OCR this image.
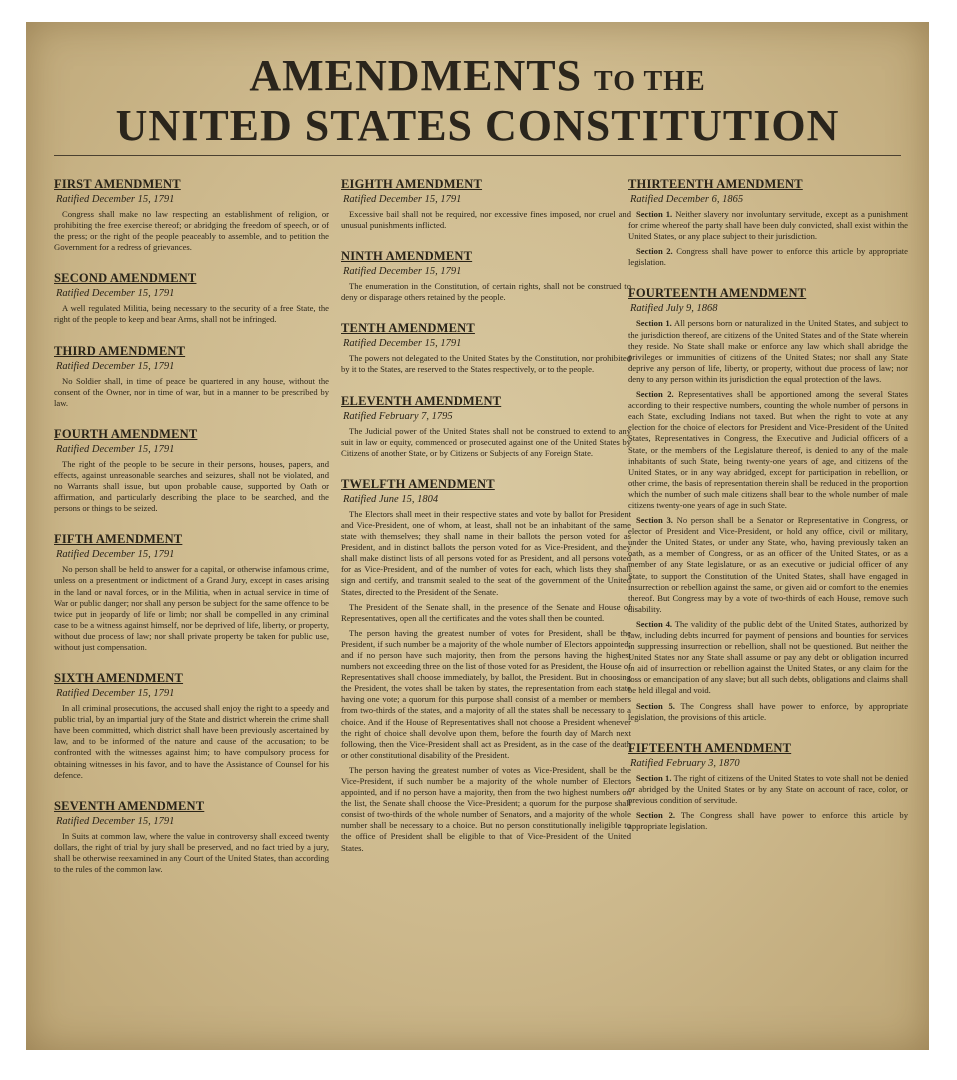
AMENDMENTS TO THE
UNITED STATES CONSTITUTION
FIRST AMENDMENT
Ratified December 15, 1791

Congress shall make no law respecting an establishment of religion, or prohibiting the free exercise thereof; or abridging the freedom of speech, or of the press; or the right of the people peaceably to assemble, and to petition the Government for a redress of grievances.

SECOND AMENDMENT
Ratified December 15, 1791

A well regulated Militia, being necessary to the security of a free State, the right of the people to keep and bear Arms, shall not be infringed.

THIRD AMENDMENT
Ratified December 15, 1791

No Soldier shall, in time of peace be quartered in any house, without the consent of the Owner, nor in time of war, but in a manner to be prescribed by law.

FOURTH AMENDMENT
Ratified December 15, 1791

The right of the people to be secure in their persons, houses, papers, and effects, against unreasonable searches and seizures, shall not be violated, and no Warrants shall issue, but upon probable cause, supported by Oath or affirmation, and particularly describing the place to be searched, and the persons or things to be seized.

FIFTH AMENDMENT
Ratified December 15, 1791

No person shall be held to answer for a capital, or otherwise infamous crime, unless on a presentment or indictment of a Grand Jury, except in cases arising in the land or naval forces, or in the Militia, when in actual service in time of War or public danger; nor shall any person be subject for the same offence to be twice put in jeopardy of life or limb; nor shall be compelled in any criminal case to be a witness against himself, nor be deprived of life, liberty, or property, without due process of law; nor shall private property be taken for public use, without just compensation.

SIXTH AMENDMENT
Ratified December 15, 1791

In all criminal prosecutions, the accused shall enjoy the right to a speedy and public trial, by an impartial jury of the State and district wherein the crime shall have been committed, which district shall have been previously ascertained by law, and to be informed of the nature and cause of the accusation; to be confronted with the witnesses against him; to have compulsory process for obtaining witnesses in his favor, and to have the Assistance of Counsel for his defence.

SEVENTH AMENDMENT
Ratified December 15, 1791

In Suits at common law, where the value in controversy shall exceed twenty dollars, the right of trial by jury shall be preserved, and no fact tried by a jury, shall be otherwise reexamined in any Court of the United States, than according to the rules of the common law.

EIGHTH AMENDMENT
Ratified December 15, 1791

Excessive bail shall not be required, nor excessive fines imposed, nor cruel and unusual punishments inflicted.

NINTH AMENDMENT
Ratified December 15, 1791

The enumeration in the Constitution, of certain rights, shall not be construed to deny or disparage others retained by the people.

TENTH AMENDMENT
Ratified December 15, 1791

The powers not delegated to the United States by the Constitution, nor prohibited by it to the States, are reserved to the States respectively, or to the people.

ELEVENTH AMENDMENT
Ratified February 7, 1795

The Judicial power of the United States shall not be construed to extend to any suit in law or equity, commenced or prosecuted against one of the United States by Citizens of another State, or by Citizens or Subjects of any Foreign State.

TWELFTH AMENDMENT
Ratified June 15, 1804

The Electors shall meet in their respective states and vote by ballot for President and Vice-President, one of whom, at least, shall not be an inhabitant of the same state with themselves; they shall name in their ballots the person voted for as President, and in distinct ballots the person voted for as Vice-President, and they shall make distinct lists of all persons voted for as President, and all persons voted for as Vice-President, and of the number of votes for each, which lists they shall sign and certify, and transmit sealed to the seat of the government of the United States, directed to the President of the Senate.

The President of the Senate shall, in the presence of the Senate and House of Representatives, open all the certificates and the votes shall then be counted.

The person having the greatest number of votes for President, shall be the President, if such number be a majority of the whole number of Electors appointed; and if no person have such majority, then from the persons having the highest numbers not exceeding three on the list of those voted for as President, the House of Representatives shall choose immediately, by ballot, the President. But in choosing the President, the votes shall be taken by states, the representation from each state having one vote; a quorum for this purpose shall consist of a member or members from two-thirds of the states, and a majority of all the states shall be necessary to a choice. And if the House of Representatives shall not choose a President whenever the right of choice shall devolve upon them, before the fourth day of March next following, then the Vice-President shall act as President, as in the case of the death or other constitutional disability of the President.

The person having the greatest number of votes as Vice-President, shall be the Vice-President, if such number be a majority of the whole number of Electors appointed, and if no person have a majority, then from the two highest numbers on the list, the Senate shall choose the Vice-President; a quorum for the purpose shall consist of two-thirds of the whole number of Senators, and a majority of the whole number shall be necessary to a choice. But no person constitutionally ineligible to the office of President shall be eligible to that of Vice-President of the United States.

THIRTEENTH AMENDMENT
Ratified December 6, 1865

Section 1. Neither slavery nor involuntary servitude, except as a punishment for crime whereof the party shall have been duly convicted, shall exist within the United States, or any place subject to their jurisdiction.

Section 2. Congress shall have power to enforce this article by appropriate legislation.

FOURTEENTH AMENDMENT
Ratified July 9, 1868

Section 1. All persons born or naturalized in the United States, and subject to the jurisdiction thereof, are citizens of the United States and of the State wherein they reside. No State shall make or enforce any law which shall abridge the privileges or immunities of citizens of the United States; nor shall any State deprive any person of life, liberty, or property, without due process of law; nor deny to any person within its jurisdiction the equal protection of the laws.

Section 2. Representatives shall be apportioned among the several States according to their respective numbers, counting the whole number of persons in each State, excluding Indians not taxed. But when the right to vote at any election for the choice of electors for President and Vice-President of the United States, Representatives in Congress, the Executive and Judicial officers of a State, or the members of the Legislature thereof, is denied to any of the male inhabitants of such State, being twenty-one years of age, and citizens of the United States, or in any way abridged, except for participation in rebellion, or other crime, the basis of representation therein shall be reduced in the proportion which the number of such male citizens shall bear to the whole number of male citizens twenty-one years of age in such State.

Section 3. No person shall be a Senator or Representative in Congress, or elector of President and Vice-President, or hold any office, civil or military, under the United States, or under any State, who, having previously taken an oath, as a member of Congress, or as an officer of the United States, or as a member of any State legislature, or as an executive or judicial officer of any State, to support the Constitution of the United States, shall have engaged in insurrection or rebellion against the same, or given aid or comfort to the enemies thereof. But Congress may by a vote of two-thirds of each House, remove such disability.

Section 4. The validity of the public debt of the United States, authorized by law, including debts incurred for payment of pensions and bounties for services in suppressing insurrection or rebellion, shall not be questioned. But neither the United States nor any State shall assume or pay any debt or obligation incurred in aid of insurrection or rebellion against the United States, or any claim for the loss or emancipation of any slave; but all such debts, obligations and claims shall be held illegal and void.

Section 5. The Congress shall have power to enforce, by appropriate legislation, the provisions of this article.

FIFTEENTH AMENDMENT
Ratified February 3, 1870

Section 1. The right of citizens of the United States to vote shall not be denied or abridged by the United States or by any State on account of race, color, or previous condition of servitude.

Section 2. The Congress shall have power to enforce this article by appropriate legislation.
